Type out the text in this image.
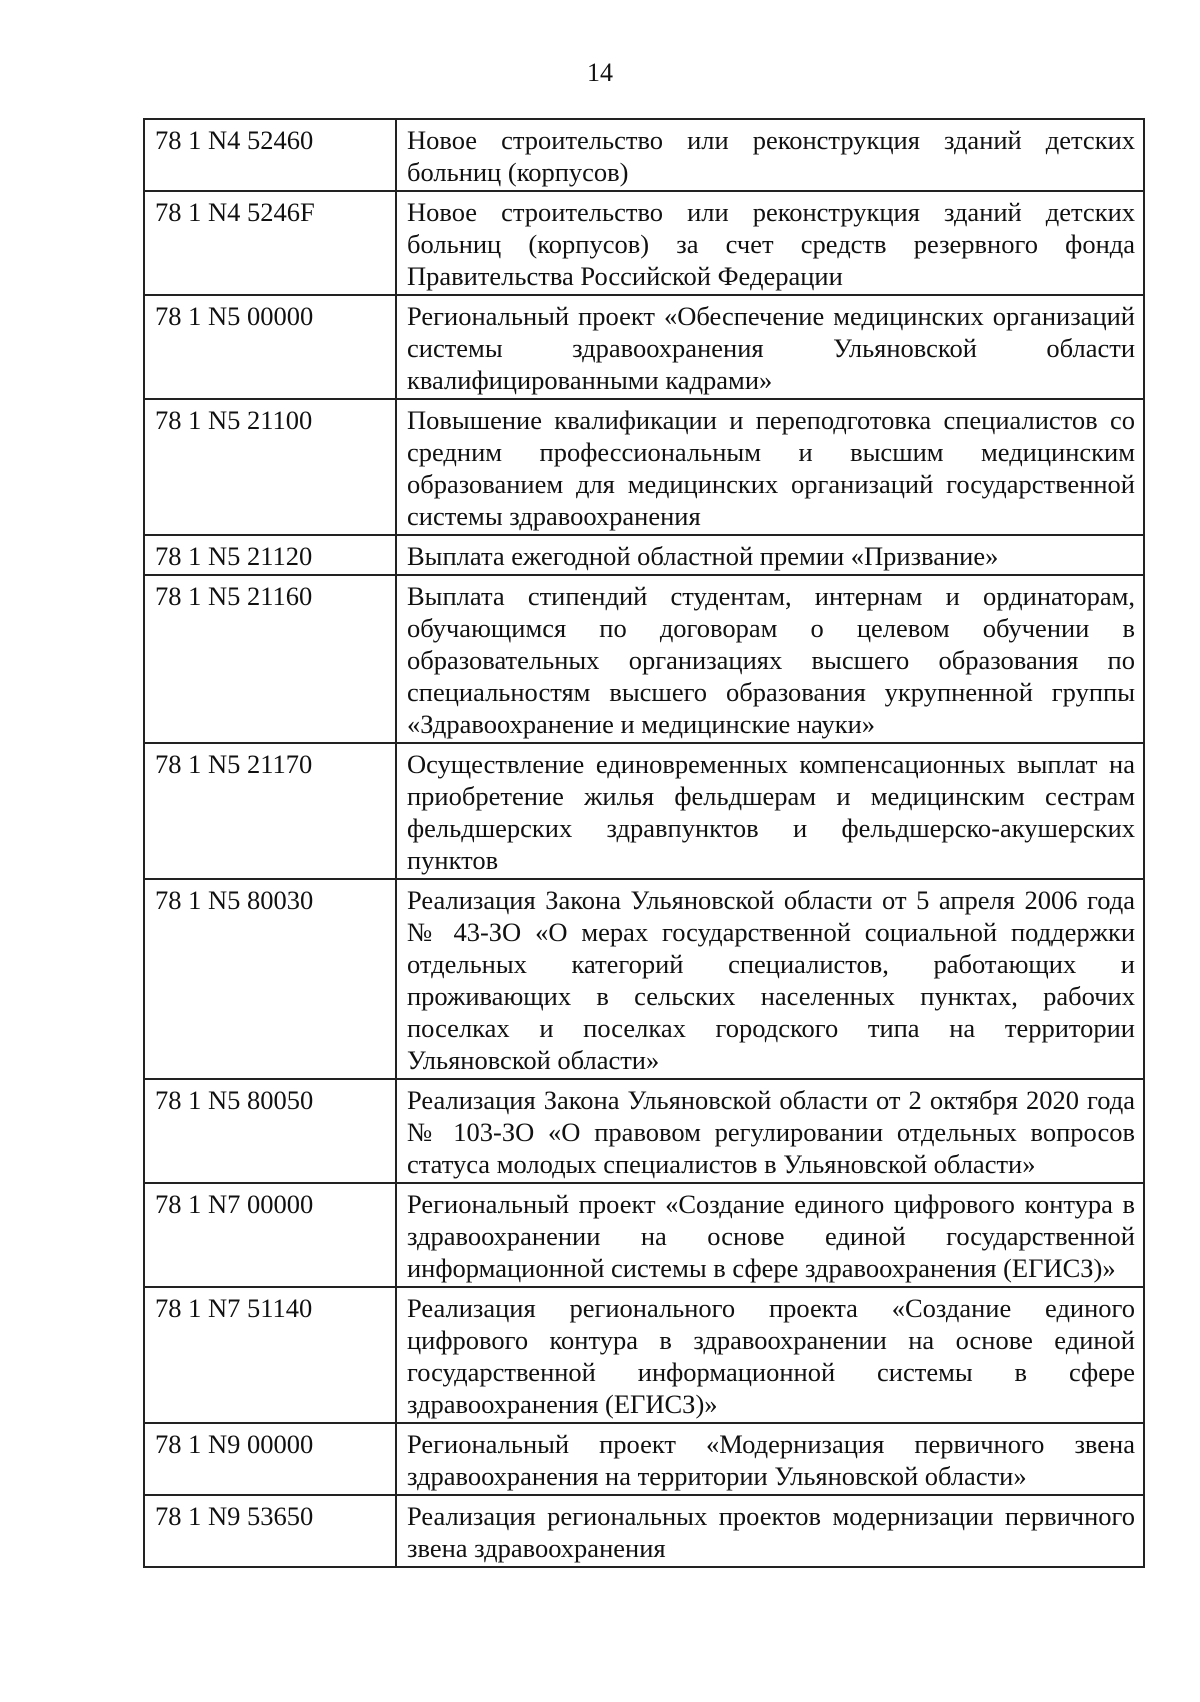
14
78 1 N4 52460	Новое строительство или реконструкция зданий детских больниц (корпусов)
78 1 N4 5246F	Новое строительство или реконструкция зданий детских больниц (корпусов) за счет средств резервного фонда Правительства Российской Федерации
78 1 N5 00000	Региональный проект «Обеспечение медицинских организаций системы здравоохранения Ульяновской области квалифицированными кадрами»
78 1 N5 21100	Повышение квалификации и переподготовка специалистов со средним профессиональным и высшим медицинским образованием для медицинских организаций государственной системы здравоохранения
78 1 N5 21120	Выплата ежегодной областной премии «Призвание»
78 1 N5 21160	Выплата стипендий студентам, интернам и ординаторам, обучающимся по договорам о целевом обучении в образовательных организациях высшего образования по специальностям высшего образования укрупненной группы «Здравоохранение и медицинские науки»
78 1 N5 21170	Осуществление единовременных компенсационных выплат на приобретение жилья фельдшерам и медицинским сестрам фельдшерских здравпунктов и фельдшерско-акушерских пунктов
78 1 N5 80030	Реализация Закона Ульяновской области от 5 апреля 2006 года № 43-ЗО «О мерах государственной социальной поддержки отдельных категорий специалистов, работающих и проживающих в сельских населенных пунктах, рабочих поселках и поселках городского типа на территории Ульяновской области»
78 1 N5 80050	Реализация Закона Ульяновской области от 2 октября 2020 года № 103-ЗО «О правовом регулировании отдельных вопросов статуса молодых специалистов в Ульяновской области»
78 1 N7 00000	Региональный проект «Создание единого цифрового контура в здравоохранении на основе единой государственной информационной системы в сфере здравоохранения (ЕГИСЗ)»
78 1 N7 51140	Реализация регионального проекта «Создание единого цифрового контура в здравоохранении на основе единой государственной информационной системы в сфере здравоохранения (ЕГИСЗ)»
78 1 N9 00000	Региональный проект «Модернизация первичного звена здравоохранения на территории Ульяновской области»
78 1 N9 53650	Реализация региональных проектов модернизации первичного звена здравоохранения
